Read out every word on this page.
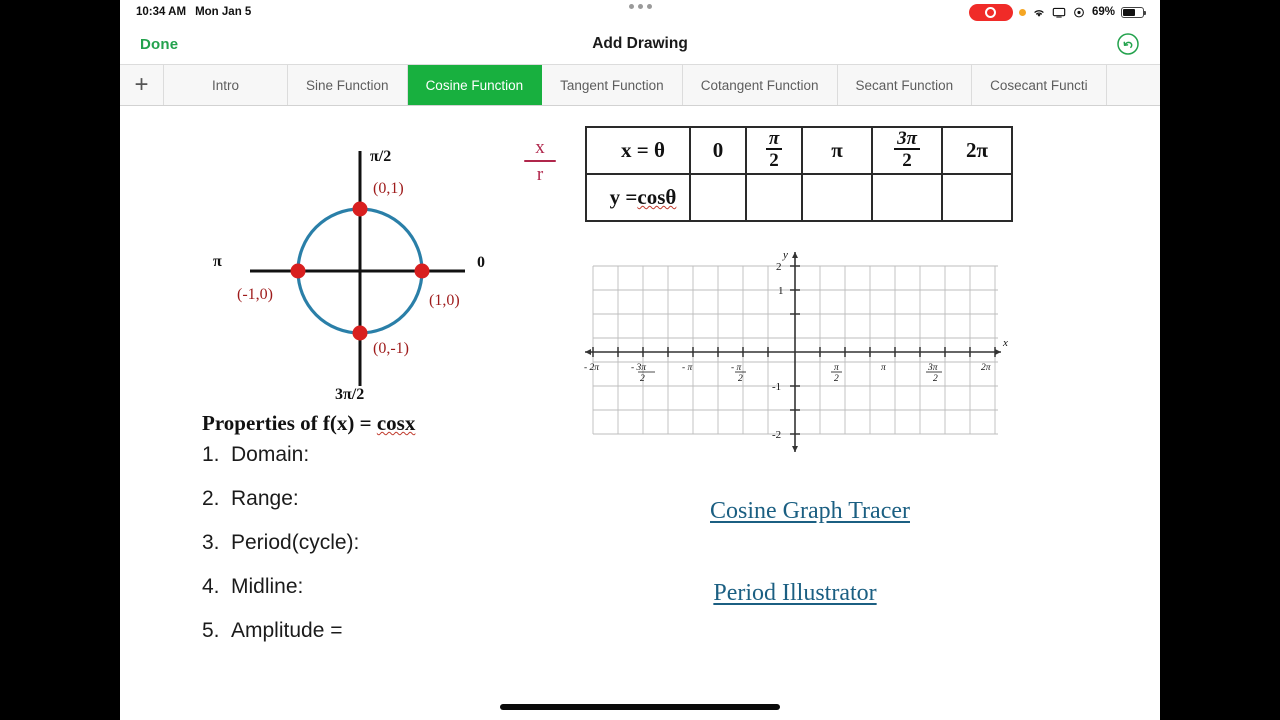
10:34 AM Mon Jan 5	69%
Add Drawing
Done
+	Intro	Sine Function	Cosine Function	Tangent Function	Cotangent Function	Secant Function	Cosecant Functi
π/2
3π/2
π	0
(0,1)
(-1,0)	(1,0)
(0,-1)
x
r
x = θ	0	$\frac{\pi}{2}$	π	$\frac{3\pi}{2}$	2π
y =cosθ					
- 2π	- 3π
2
- π	- π
2
π
2
π	3π
2
2π
2
1
-1
-2
y
x
Properties of f(x) = cosx
1. Domain:
2. Range:
3. Period(cycle):
4. Midline:
5. Amplitude =
Cosine Graph Tracer
Period Illustrator
A
